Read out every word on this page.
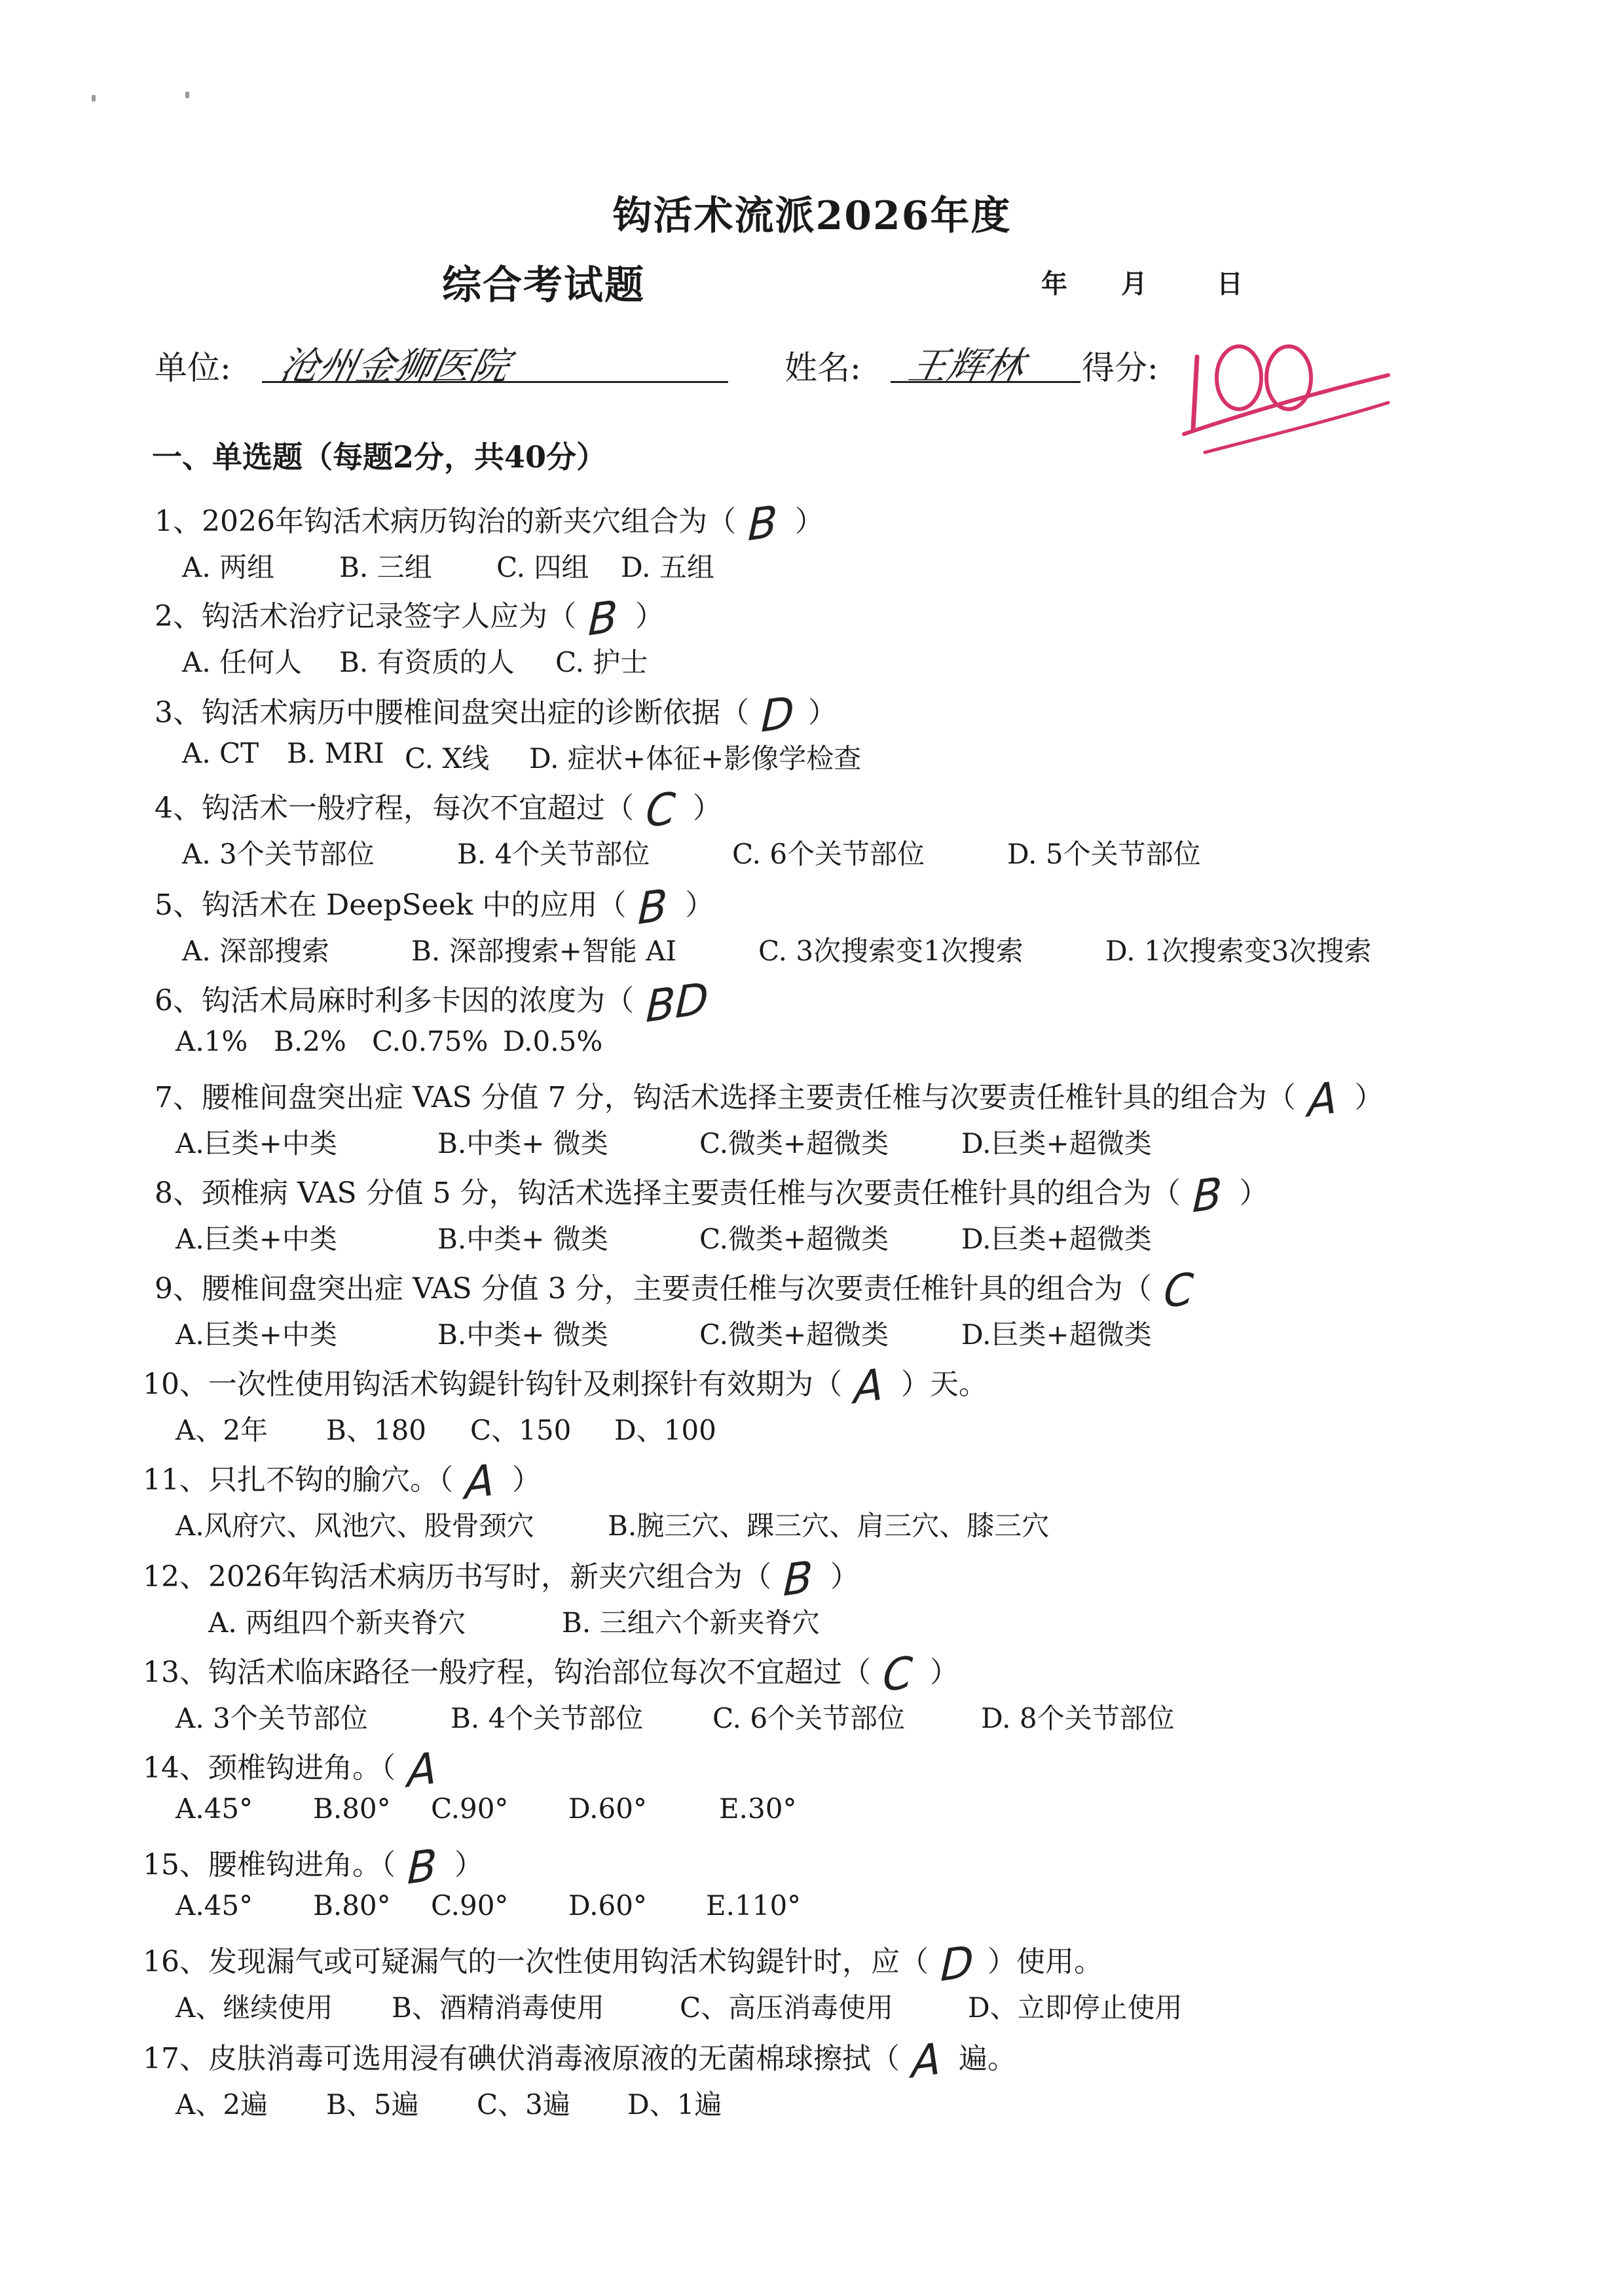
钩活术流派2026年度
综合考试题	年 月	日
单位: 沧州金狮医院	姓名: 王辉林 得分:
一、单选题（每题2分，共40分）
1、2026年钩活术病历钩治的新夹穴组合为（ B ）
A. 两组 B. 三组 C. 四组 D. 五组
2、钩活术治疗记录签字人应为（ B ）
A. 任何人 B. 有资质的人 C. 护士
3、钩活术病历中腰椎间盘突出症的诊断依据（ D ）
A. CT B. MRI C. X线 D. 症状+体征+影像学检查
4、钩活术一般疗程，每次不宜超过（ C ）
A. 3个关节部位	B. 4个关节部位	C. 6个关节部位	D. 5个关节部位
5、钩活术在 DeepSeek 中的应用（ B ）
A. 深部搜索	B. 深部搜索+智能 AI	C. 3次搜索变1次搜索	D. 1次搜索变3次搜索
6、钩活术局麻时利多卡因的浓度为（ BD
A.1% B.2% C.0.75% D.0.5%
7、腰椎间盘突出症 VAS 分值 7 分，钩活术选择主要责任椎与次要责任椎针具的组合为（ A ）
A.巨类+中类	B.中类+ 微类	C.微类+超微类	D.巨类+超微类
8、颈椎病 VAS 分值 5 分，钩活术选择主要责任椎与次要责任椎针具的组合为（ B ）
A.巨类+中类	B.中类+ 微类	C.微类+超微类	D.巨类+超微类
9、腰椎间盘突出症 VAS 分值 3 分，主要责任椎与次要责任椎针具的组合为（ C
A.巨类+中类	B.中类+ 微类	C.微类+超微类	D.巨类+超微类
10、一次性使用钩活术钩鍉针钩针及刺探针有效期为（ A ）天。
A、2年 B、180 C、150 D、100
11、只扎不钩的腧穴。（ A ）
A.风府穴、风池穴、股骨颈穴	B.腕三穴、踝三穴、肩三穴、膝三穴
12、2026年钩活术病历书写时，新夹穴组合为（ B ）
A. 两组四个新夹脊穴	B. 三组六个新夹脊穴
13、钩活术临床路径一般疗程，钩治部位每次不宜超过（ C ）
A. 3个关节部位	B. 4个关节部位	C. 6个关节部位	D. 8个关节部位
14、颈椎钩进角。（ A
A.45° B.80° C.90° D.60°	E.30°
15、腰椎钩进角。（ B ）
A.45° B.80° C.90° D.60° E.110°
16、发现漏气或可疑漏气的一次性使用钩活术钩鍉针时，应（ D ）使用。
A、继续使用 B、酒精消毒使用	C、高压消毒使用	D、立即停止使用
17、皮肤消毒可选用浸有碘伏消毒液原液的无菌棉球擦拭（ A 遍。
A、2遍 B、5遍 C、3遍 D、1遍
